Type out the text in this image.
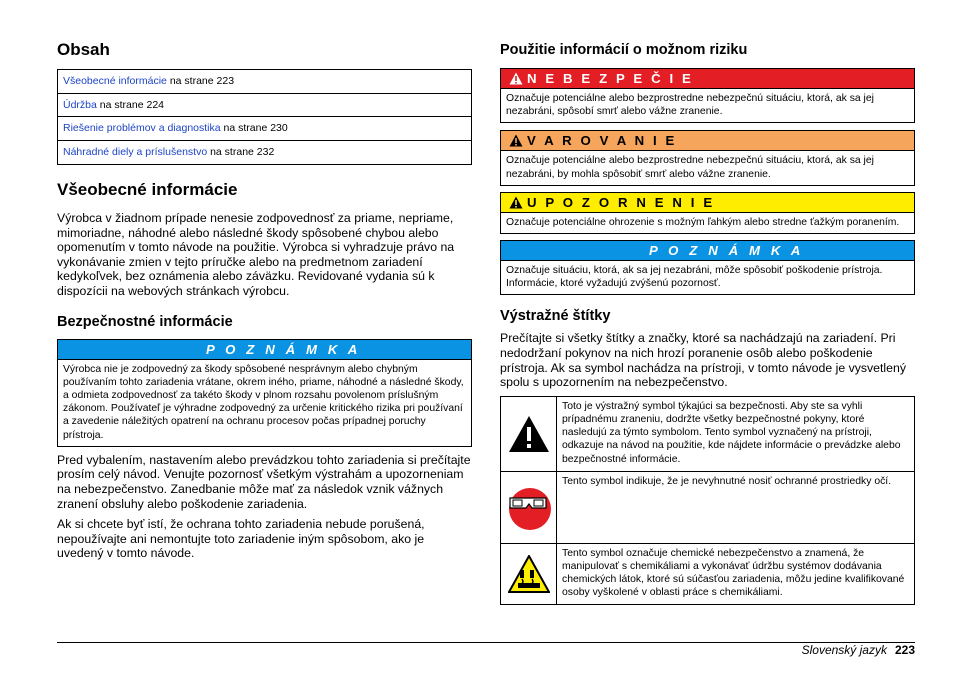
Obsah
Všeobecné informácie na strane 223
Údržba na strane 224
Riešenie problémov a diagnostika na strane 230
Náhradné diely a príslušenstvo na strane 232
Všeobecné informácie

Výrobca v žiadnom prípade nenesie zodpovednosť za priame, nepriame, mimoriadne, náhodné alebo následné škody spôsobené chybou alebo opomenutím v tomto návode na použitie. Výrobca si vyhradzuje právo na vykonávanie zmien v tejto príručke alebo na predmetnom zariadení kedykoľvek, bez oznámenia alebo záväzku. Revidované vydania sú k dispozícii na webových stránkach výrobcu.

Bezpečnostné informácie
P O Z N Á M K A
Výrobca nie je zodpovedný za škody spôsobené nesprávnym alebo chybným používaním tohto zariadenia vrátane, okrem iného, priame, náhodné a následné škody, a odmieta zodpovednosť za takéto škody v plnom rozsahu povolenom príslušným zákonom. Používateľ je výhradne zodpovedný za určenie kritického rizika pri používaní a zavedenie náležitých opatrení na ochranu procesov počas prípadnej poruchy prístroja.

Pred vybalením, nastavením alebo prevádzkou tohto zariadenia si prečítajte prosím celý návod. Venujte pozornosť všetkým výstrahám a upozorneniam na nebezpečenstvo. Zanedbanie môže mať za následok vznik vážnych zranení obsluhy alebo poškodenie zariadenia.

Ak si chcete byť istí, že ochrana tohto zariadenia nebude porušená, nepoužívajte ani nemontujte toto zariadenie iným spôsobom, ako je uvedený v tomto návode.

Použitie informácií o možnom riziku
N E B E Z P E Č I E
Označuje potenciálne alebo bezprostredne nebezpečnú situáciu, ktorá, ak sa jej nezabráni, spôsobí smrť alebo vážne zranenie.
V A R O V A N I E
Označuje potenciálne alebo bezprostredne nebezpečnú situáciu, ktorá, ak sa jej nezabráni, by mohla spôsobiť smrť alebo vážne zranenie.
U P O Z O R N E N I E
Označuje potenciálne ohrozenie s možným ľahkým alebo stredne ťažkým poranením.
P O Z N Á M K A
Označuje situáciu, ktorá, ak sa jej nezabráni, môže spôsobiť poškodenie prístroja. Informácie, ktoré vyžadujú zvýšenú pozornosť.
Výstražné štítky

Prečítajte si všetky štítky a značky, ktoré sa nachádzajú na zariadení. Pri nedodržaní pokynov na nich hrozí poranenie osôb alebo poškodenie prístroja. Ak sa symbol nachádza na prístroji, v tomto návode je vysvetlený spolu s upozornením na nebezpečenstvo.

Toto je výstražný symbol týkajúci sa bezpečnosti. Aby ste sa vyhli prípadnému zraneniu, dodržte všetky bezpečnostné pokyny, ktoré nasledujú za týmto symbolom. Tento symbol vyznačený na prístroji, odkazuje na návod na použitie, kde nájdete informácie o prevádzke alebo bezpečnostné informácie.
Tento symbol indikuje, že je nevyhnutné nosiť ochranné prostriedky očí.
Tento symbol označuje chemické nebezpečenstvo a znamená, že manipulovať s chemikáliami a vykonávať údržbu systémov dodávania chemických látok, ktoré sú súčasťou zariadenia, môžu jedine kvalifikované osoby vyškolené v oblasti práce s chemikáliami.
Slovenský jazyk 223
